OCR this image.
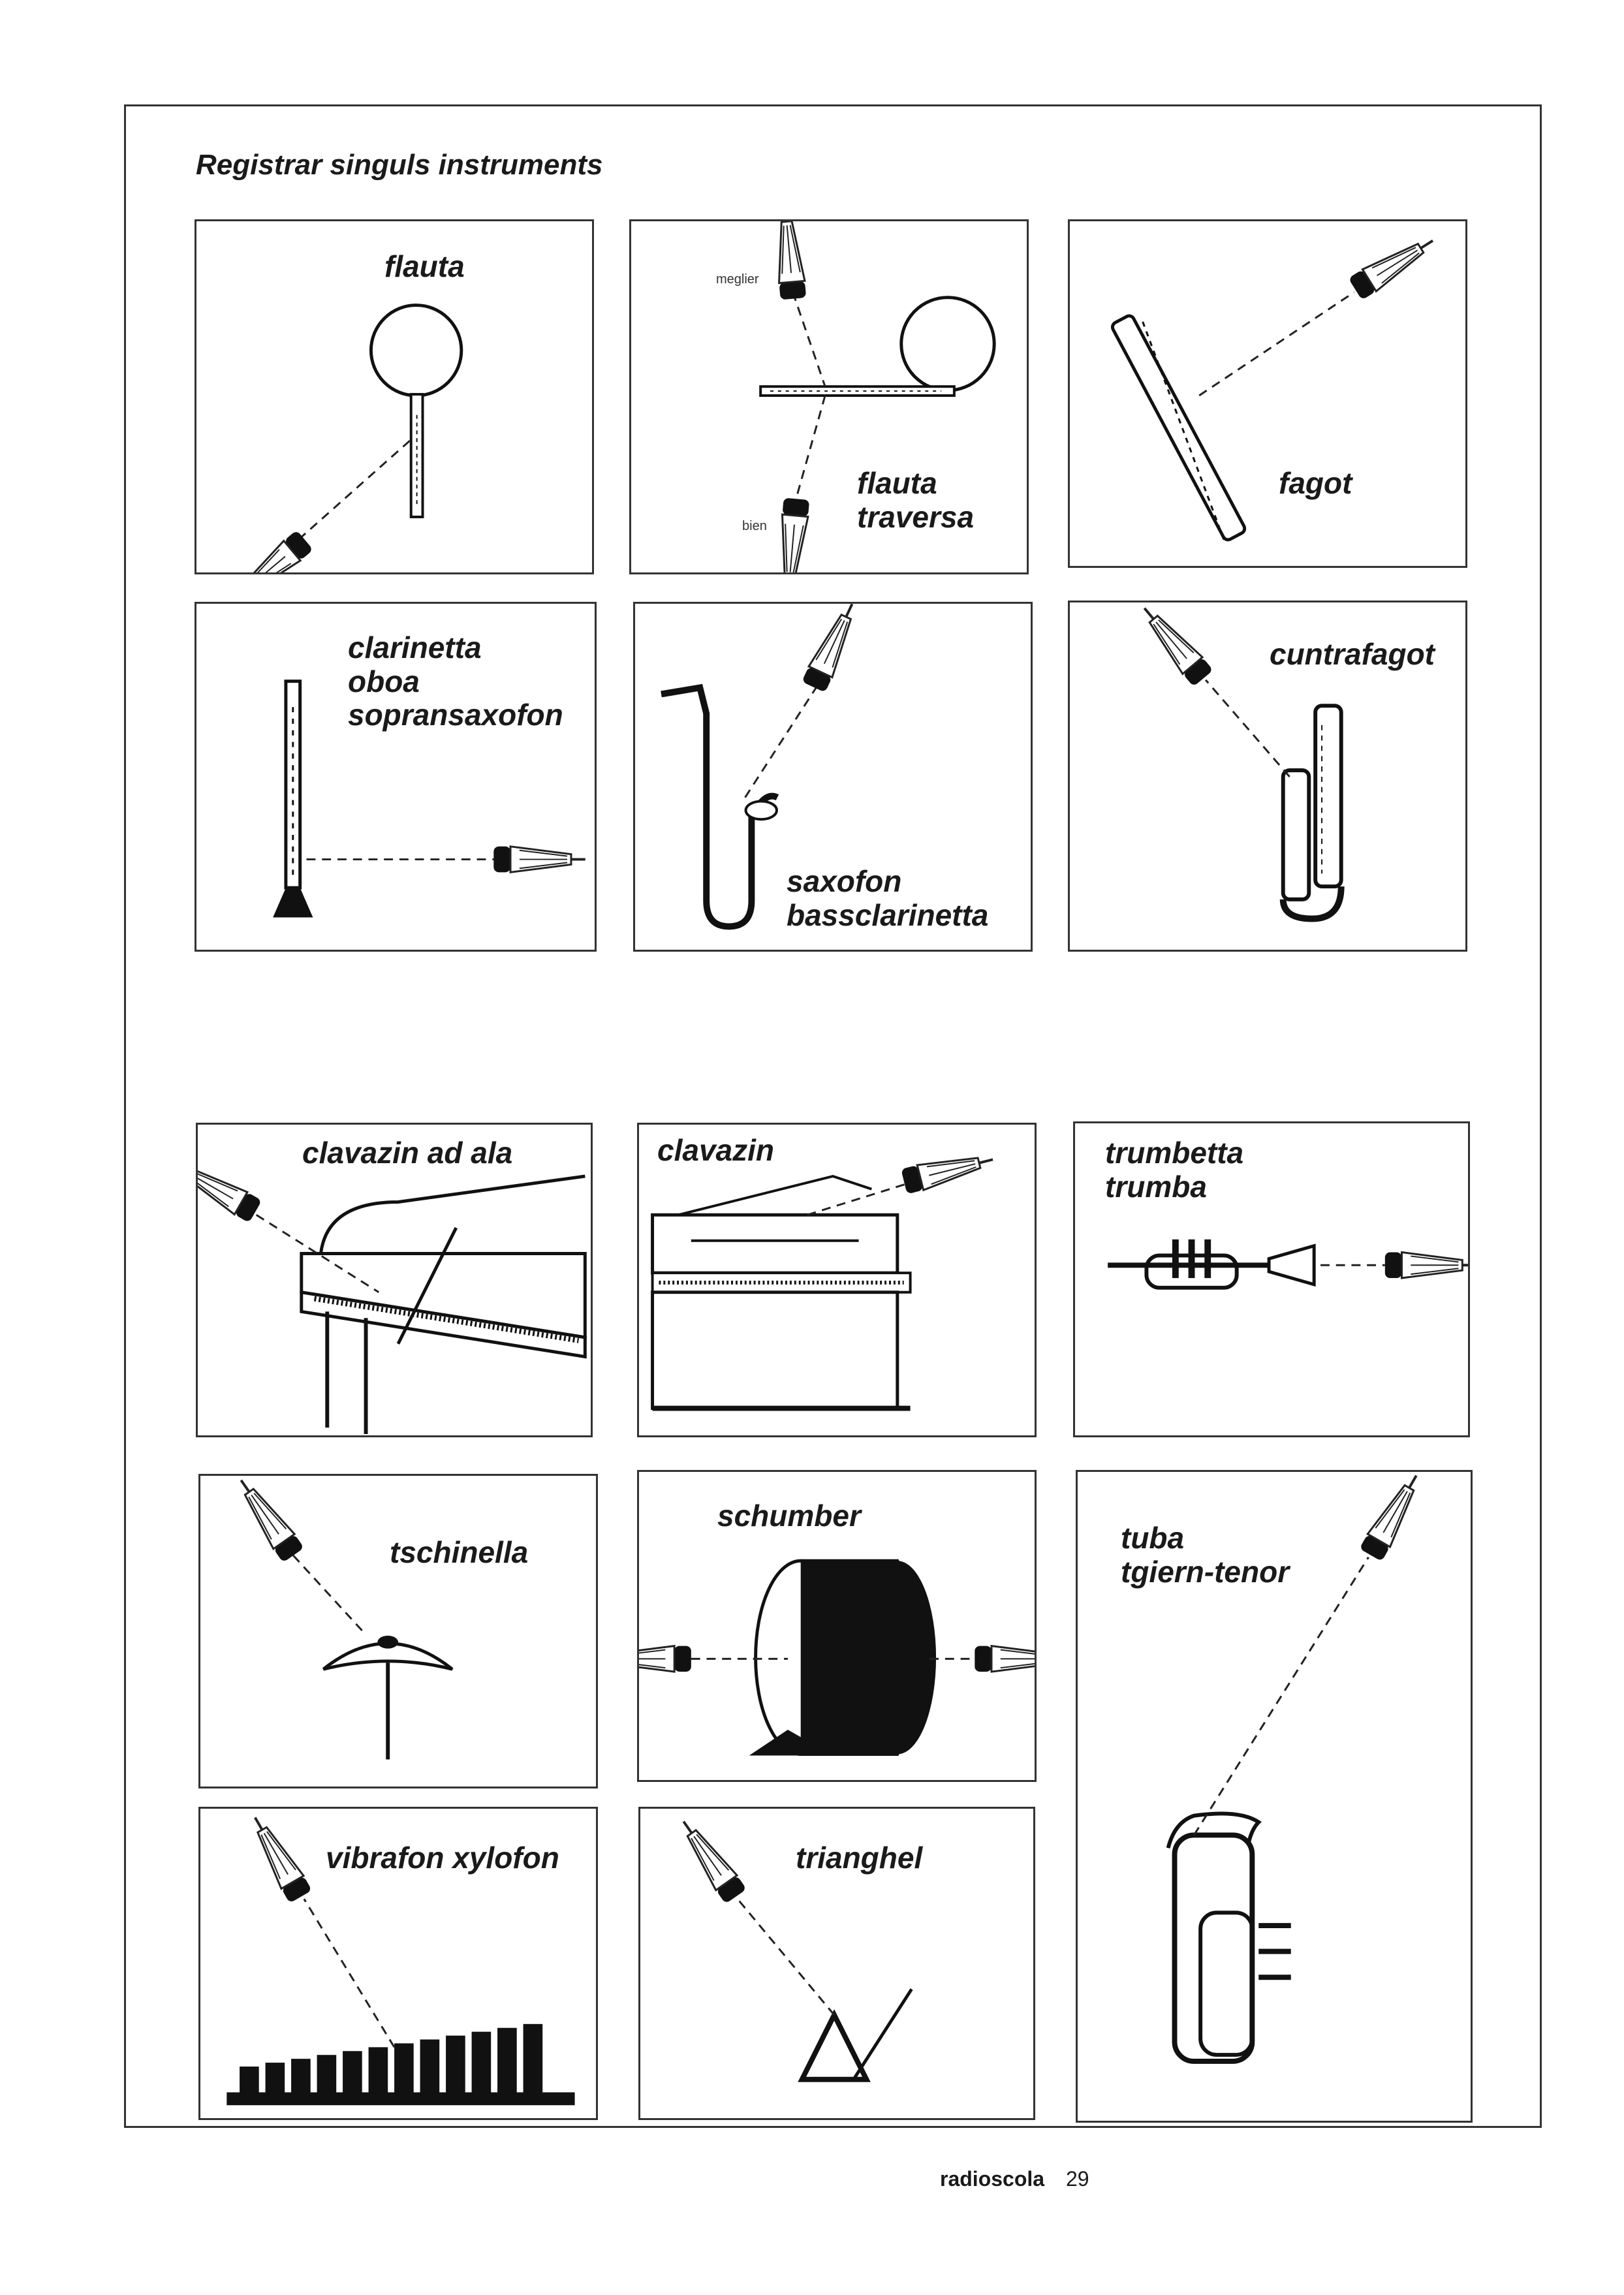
Registrar singuls instruments
flauta	meglier
bien
flauta
traversa
fagot
clarinetta
oboa
sopransaxofon
saxofon
bassclarinetta
cuntrafagot
clavazin ad ala	clavazin	trumbetta
trumba
tschinella
schumber
tuba
tgiern-tenor
vibrafon xylofon	trianghel
radioscola 29
